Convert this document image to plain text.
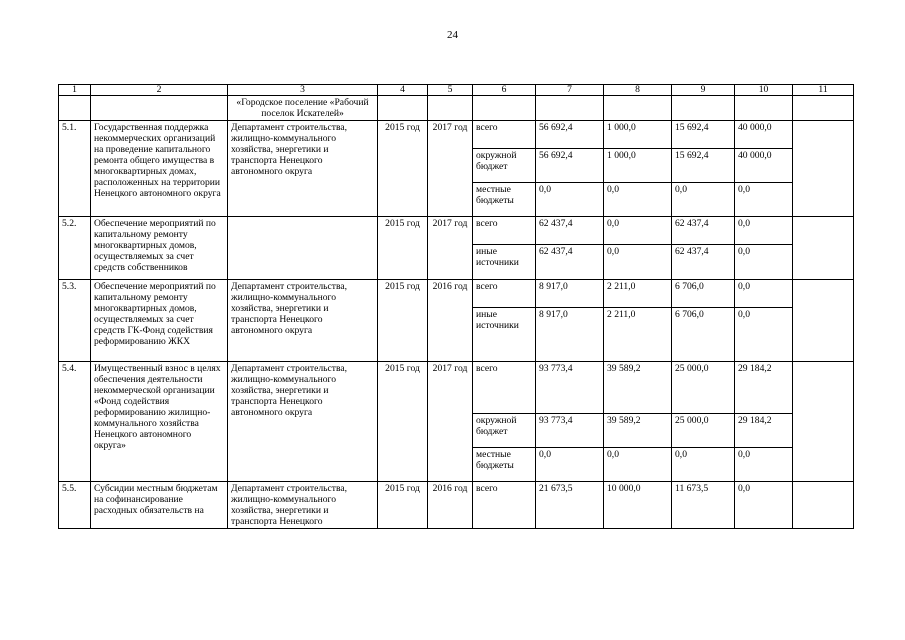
24
1	2	3	4	5	6	7	8	9	10	11
		«Городское поселение «Рабочий поселок Искателей»								
5.1.	Государственная поддержка некоммерческих организаций на проведение капитального ремонта общего имущества в многоквартирных домах, расположенных на территории Ненецкого автономного округа	Департамент строительства, жилищно-коммунального хозяйства, энергетики и транспорта Ненецкого автономного округа	2015 год	2017 год	всего	56 692,4	1 000,0	15 692,4	40 000,0	
					окружной бюджет	56 692,4	1 000,0	15 692,4	40 000,0	
					местные бюджеты	0,0	0,0	0,0	0,0	
5.2.	Обеспечение мероприятий по капитальному ремонту многоквартирных домов, осуществляемых за счет средств собственников		2015 год	2017 год	всего	62 437,4	0,0	62 437,4	0,0	
					иные источники	62 437,4	0,0	62 437,4	0,0	
5.3.	Обеспечение мероприятий по капитальному ремонту многоквартирных домов, осуществляемых за счет средств ГК-Фонд содействия реформированию ЖКХ	Департамент строительства, жилищно-коммунального хозяйства, энергетики и транспорта Ненецкого автономного округа	2015 год	2016 год	всего	8 917,0	2 211,0	6 706,0	0,0	
					иные источники	8 917,0	2 211,0	6 706,0	0,0	
5.4.	Имущественный взнос в целях обеспечения деятельности некоммерческой организации «Фонд содействия реформированию жилищно-коммунального хозяйства Ненецкого автономного округа»	Департамент строительства, жилищно-коммунального хозяйства, энергетики и транспорта Ненецкого автономного округа	2015 год	2017 год	всего	93 773,4	39 589,2	25 000,0	29 184,2	
					окружной бюджет	93 773,4	39 589,2	25 000,0	29 184,2	
					местные бюджеты	0,0	0,0	0,0	0,0	
5.5.	Субсидии местным бюджетам на софинансирование расходных обязательств на	Департамент строительства, жилищно-коммунального хозяйства, энергетики и транспорта Ненецкого	2015 год	2016 год	всего	21 673,5	10 000,0	11 673,5	0,0	
